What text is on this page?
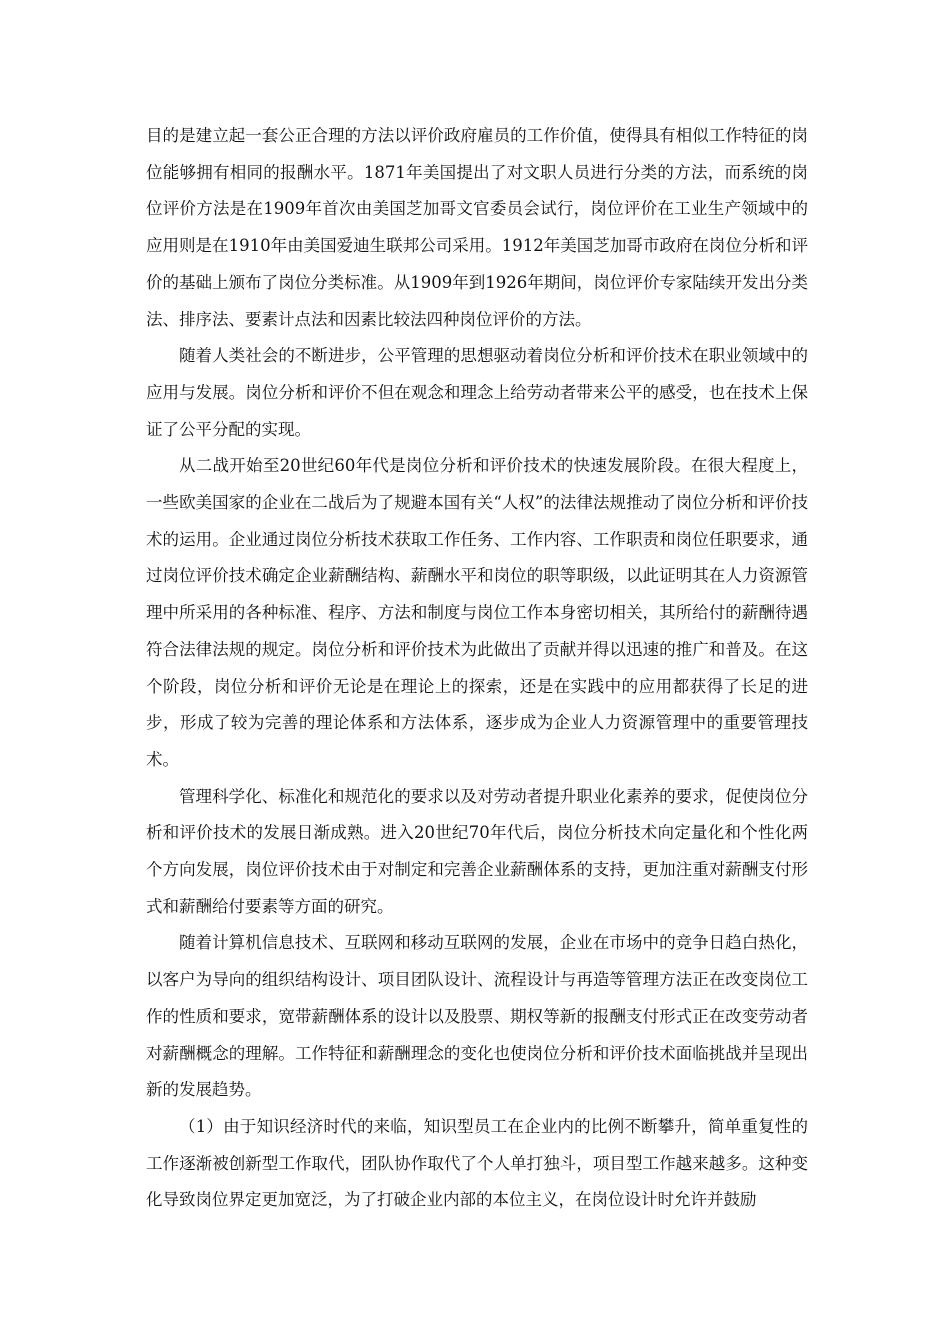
目的是建立起一套公正合理的方法以评价政府雇员的工作价值，使得具有相似工作特征的岗位能够拥有相同的报酬水平。1871年美国提出了对文职人员进行分类的方法，而系统的岗位评价方法是在1909年首次由美国芝加哥文官委员会试行，岗位评价在工业生产领域中的应用则是在1910年由美国爱迪生联邦公司采用。1912年美国芝加哥市政府在岗位分析和评价的基础上颁布了岗位分类标准。从1909年到1926年期间，岗位评价专家陆续开发出分类法、排序法、要素计点法和因素比较法四种岗位评价的方法。

随着人类社会的不断进步，公平管理的思想驱动着岗位分析和评价技术在职业领域中的应用与发展。岗位分析和评价不但在观念和理念上给劳动者带来公平的感受，也在技术上保证了公平分配的实现。

从二战开始至20世纪60年代是岗位分析和评价技术的快速发展阶段。在很大程度上，一些欧美国家的企业在二战后为了规避本国有关“人权”的法律法规推动了岗位分析和评价技术的运用。企业通过岗位分析技术获取工作任务、工作内容、工作职责和岗位任职要求，通过岗位评价技术确定企业薪酬结构、薪酬水平和岗位的职等职级，以此证明其在人力资源管理中所采用的各种标准、程序、方法和制度与岗位工作本身密切相关，其所给付的薪酬待遇符合法律法规的规定。岗位分析和评价技术为此做出了贡献并得以迅速的推广和普及。在这个阶段，岗位分析和评价无论是在理论上的探索，还是在实践中的应用都获得了长足的进步，形成了较为完善的理论体系和方法体系，逐步成为企业人力资源管理中的重要管理技术。

管理科学化、标准化和规范化的要求以及对劳动者提升职业化素养的要求，促使岗位分析和评价技术的发展日渐成熟。进入20世纪70年代后，岗位分析技术向定量化和个性化两个方向发展，岗位评价技术由于对制定和完善企业薪酬体系的支持，更加注重对薪酬支付形式和薪酬给付要素等方面的研究。

随着计算机信息技术、互联网和移动互联网的发展，企业在市场中的竞争日趋白热化，以客户为导向的组织结构设计、项目团队设计、流程设计与再造等管理方法正在改变岗位工作的性质和要求，宽带薪酬体系的设计以及股票、期权等新的报酬支付形式正在改变劳动者对薪酬概念的理解。工作特征和薪酬理念的变化也使岗位分析和评价技术面临挑战并呈现出新的发展趋势。

（1）由于知识经济时代的来临，知识型员工在企业内的比例不断攀升，简单重复性的工作逐渐被创新型工作取代，团队协作取代了个人单打独斗，项目型工作越来越多。这种变化导致岗位界定更加宽泛，为了打破企业内部的本位主义，在岗位设计时允许并鼓励
